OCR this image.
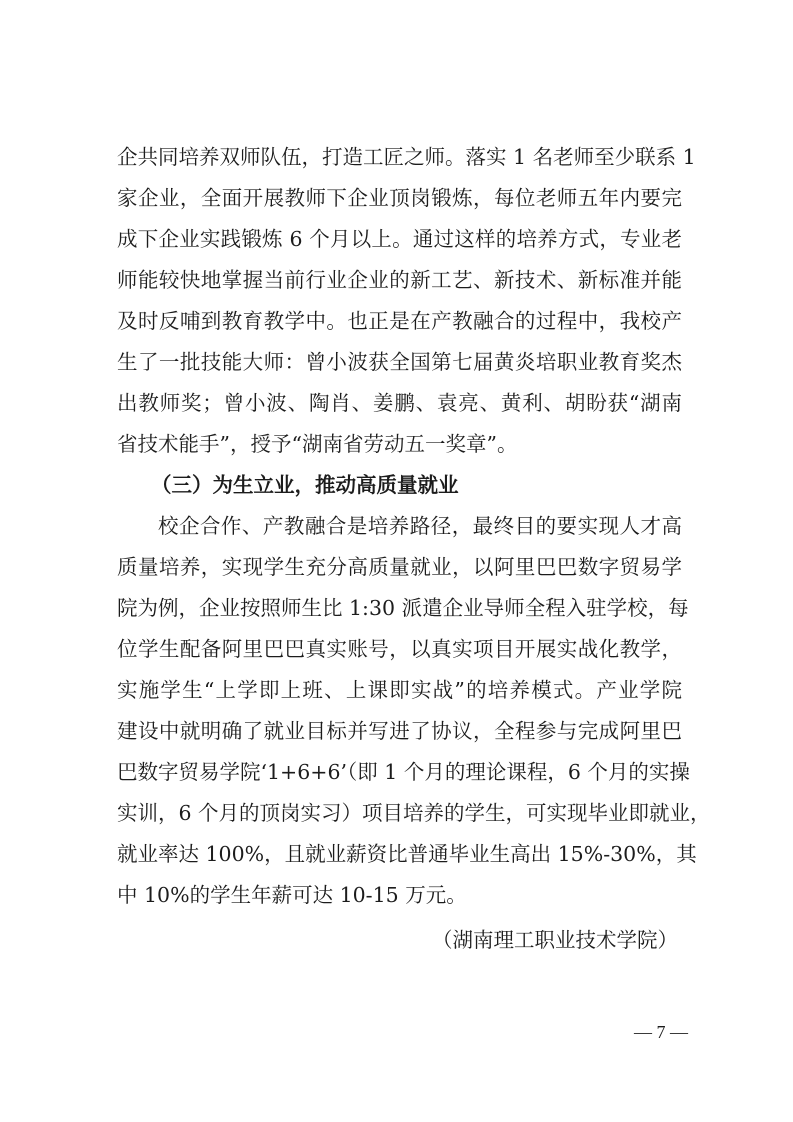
企共同培养双师队伍，打造工匠之师。落实 1 名老师至少联系 1
家企业，全面开展教师下企业顶岗锻炼，每位老师五年内要完
成下企业实践锻炼 6 个月以上。通过这样的培养方式，专业老
师能较快地掌握当前行业企业的新工艺、新技术、新标准并能
及时反哺到教育教学中。也正是在产教融合的过程中，我校产
生了一批技能大师：曾小波获全国第七届黄炎培职业教育奖杰
出教师奖；曾小波、陶肖、姜鹏、袁亮、黄利、胡盼获“湖南
省技术能手”，授予“湖南省劳动五一奖章”。
（三）为生立业，推动高质量就业
校企合作、产教融合是培养路径，最终目的要实现人才高
质量培养，实现学生充分高质量就业，以阿里巴巴数字贸易学
院为例，企业按照师生比 1:30 派遣企业导师全程入驻学校，每
位学生配备阿里巴巴真实账号，以真实项目开展实战化教学，
实施学生“上学即上班、上课即实战”的培养模式。产业学院
建设中就明确了就业目标并写进了协议，全程参与完成阿里巴
巴数字贸易学院‘1+6+6’（即 1 个月的理论课程，6 个月的实操
实训，6 个月的顶岗实习）项目培养的学生，可实现毕业即就业，
就业率达 100%，且就业薪资比普通毕业生高出 15%-30%，其
中 10%的学生年薪可达 10-15 万元。
（湖南理工职业技术学院）
— 7 —
